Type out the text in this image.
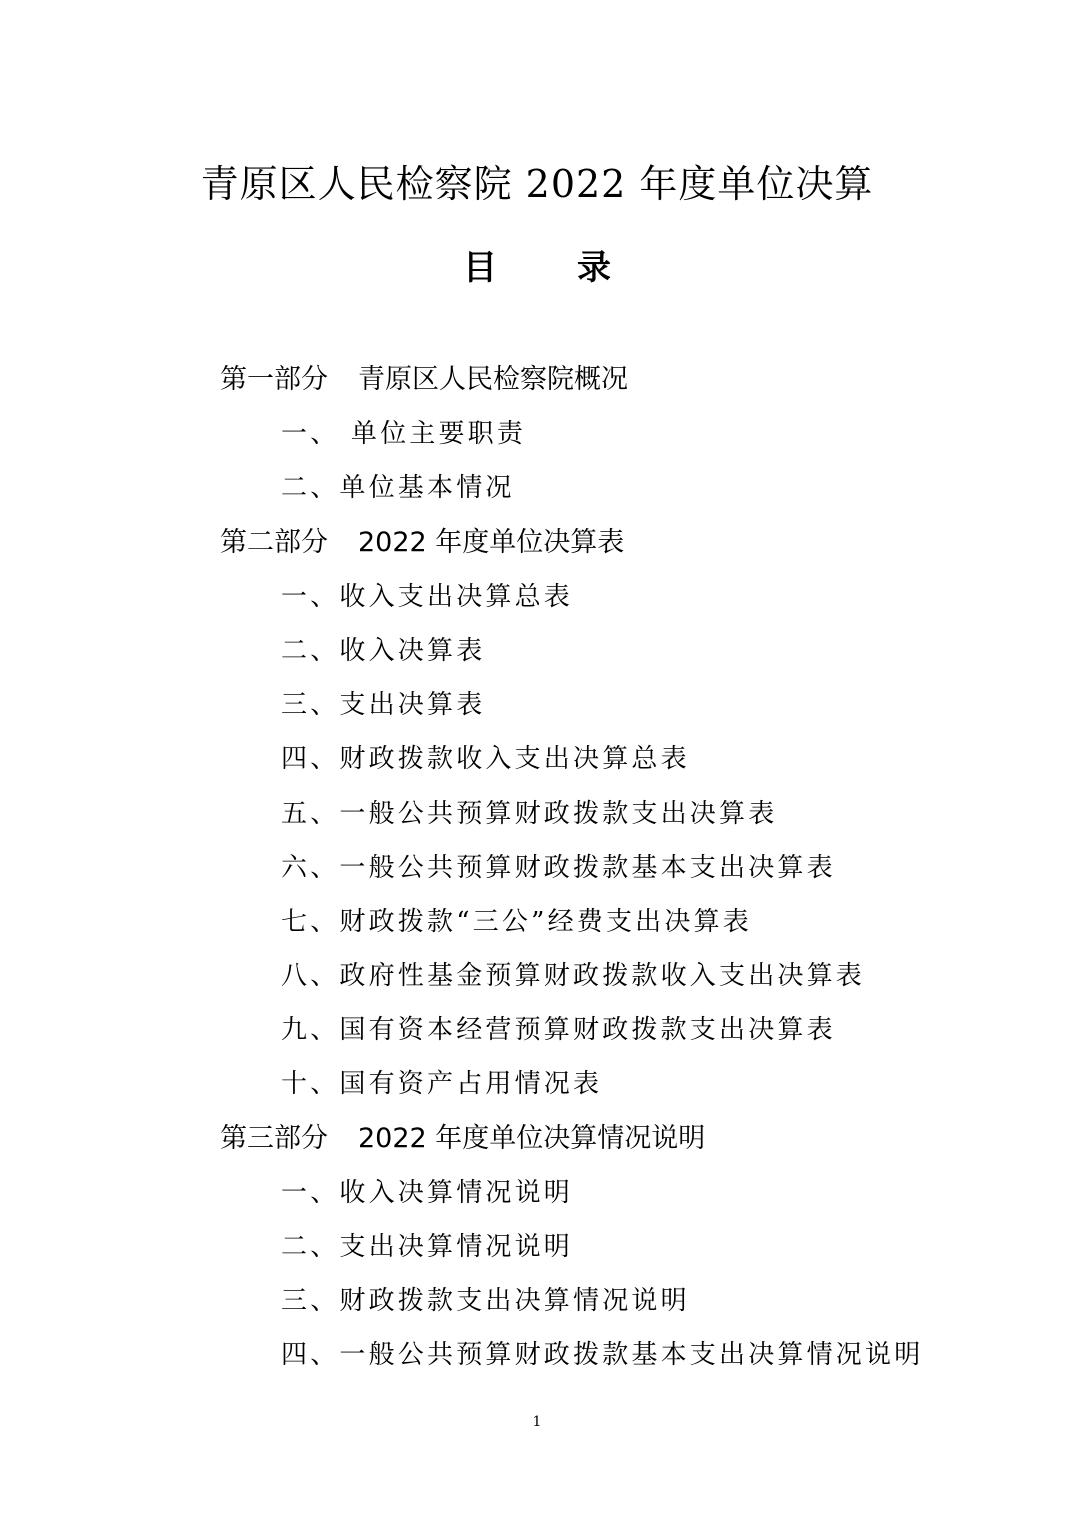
青原区人民检察院 2022 年度单位决算
目录
第一部分 青原区人民检察院概况
一、 单位主要职责
二、单位基本情况
第二部分 2022 年度单位决算表
一、收入支出决算总表
二、收入决算表
三、支出决算表
四、财政拨款收入支出决算总表
五、一般公共预算财政拨款支出决算表
六、一般公共预算财政拨款基本支出决算表
七、财政拨款“三公”经费支出决算表
八、政府性基金预算财政拨款收入支出决算表
九、国有资本经营预算财政拨款支出决算表
十、国有资产占用情况表
第三部分 2022 年度单位决算情况说明
一、收入决算情况说明
二、支出决算情况说明
三、财政拨款支出决算情况说明
四、一般公共预算财政拨款基本支出决算情况说明
1
